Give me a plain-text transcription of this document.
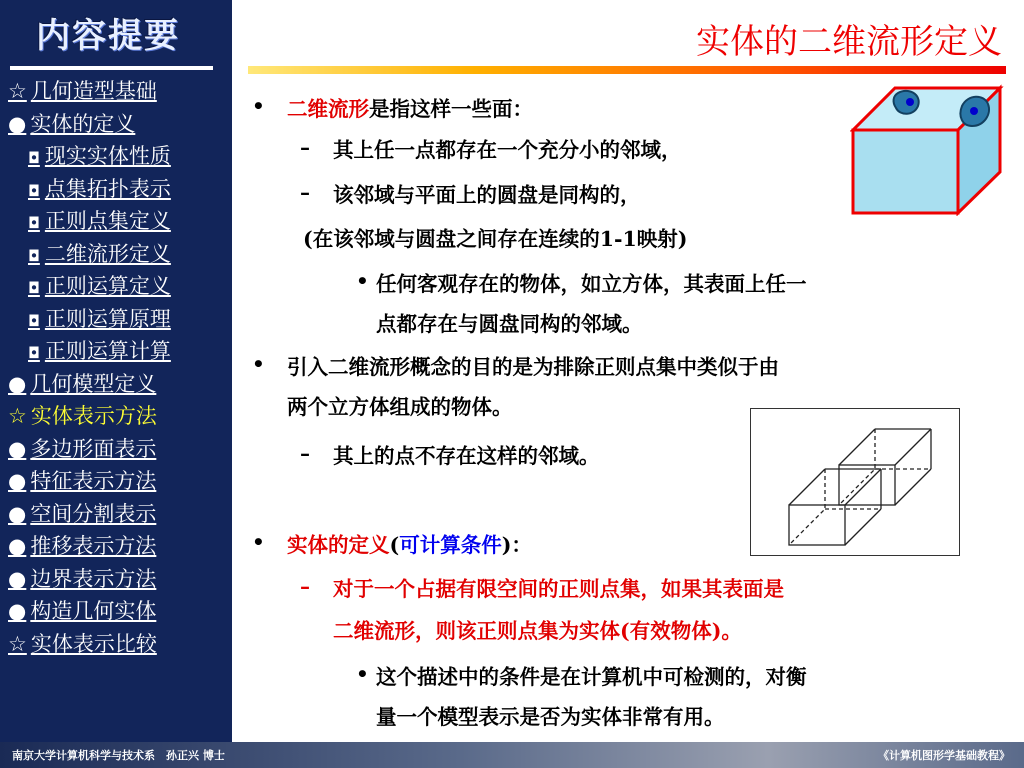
内容提要
☆ 几何造型基础
● 实体的定义
◘ 现实实体性质
◘ 点集拓扑表示
◘ 正则点集定义
◘ 二维流形定义
◘ 正则运算定义
◘ 正则运算原理
◘ 正则运算计算
● 几何模型定义
☆ 实体表示方法
● 多边形面表示
● 特征表示方法
● 空间分割表示
● 推移表示方法
● 边界表示方法
● 构造几何实体
☆ 实体表示比较
实体的二维流形定义
• 二维流形是指这样一些面：
– 其上任一点都存在一个充分小的邻域，
– 该邻域与平面上的圆盘是同构的，
(在该邻域与圆盘之间存在连续的1-1映射)
• 任何客观存在的物体，如立方体，其表面上任一
点都存在与圆盘同构的邻域。
• 引入二维流形概念的目的是为排除正则点集中类似于由
两个立方体组成的物体。
– 其上的点不存在这样的邻域。
• 实体的定义(可计算条件)：
– 对于一个占据有限空间的正则点集，如果其表面是
二维流形，则该正则点集为实体(有效物体)。
• 这个描述中的条件是在计算机中可检测的，对衡
量一个模型表示是否为实体非常有用。
南京大学计算机科学与技术系　孙正兴 博士	《计算机图形学基础教程》
